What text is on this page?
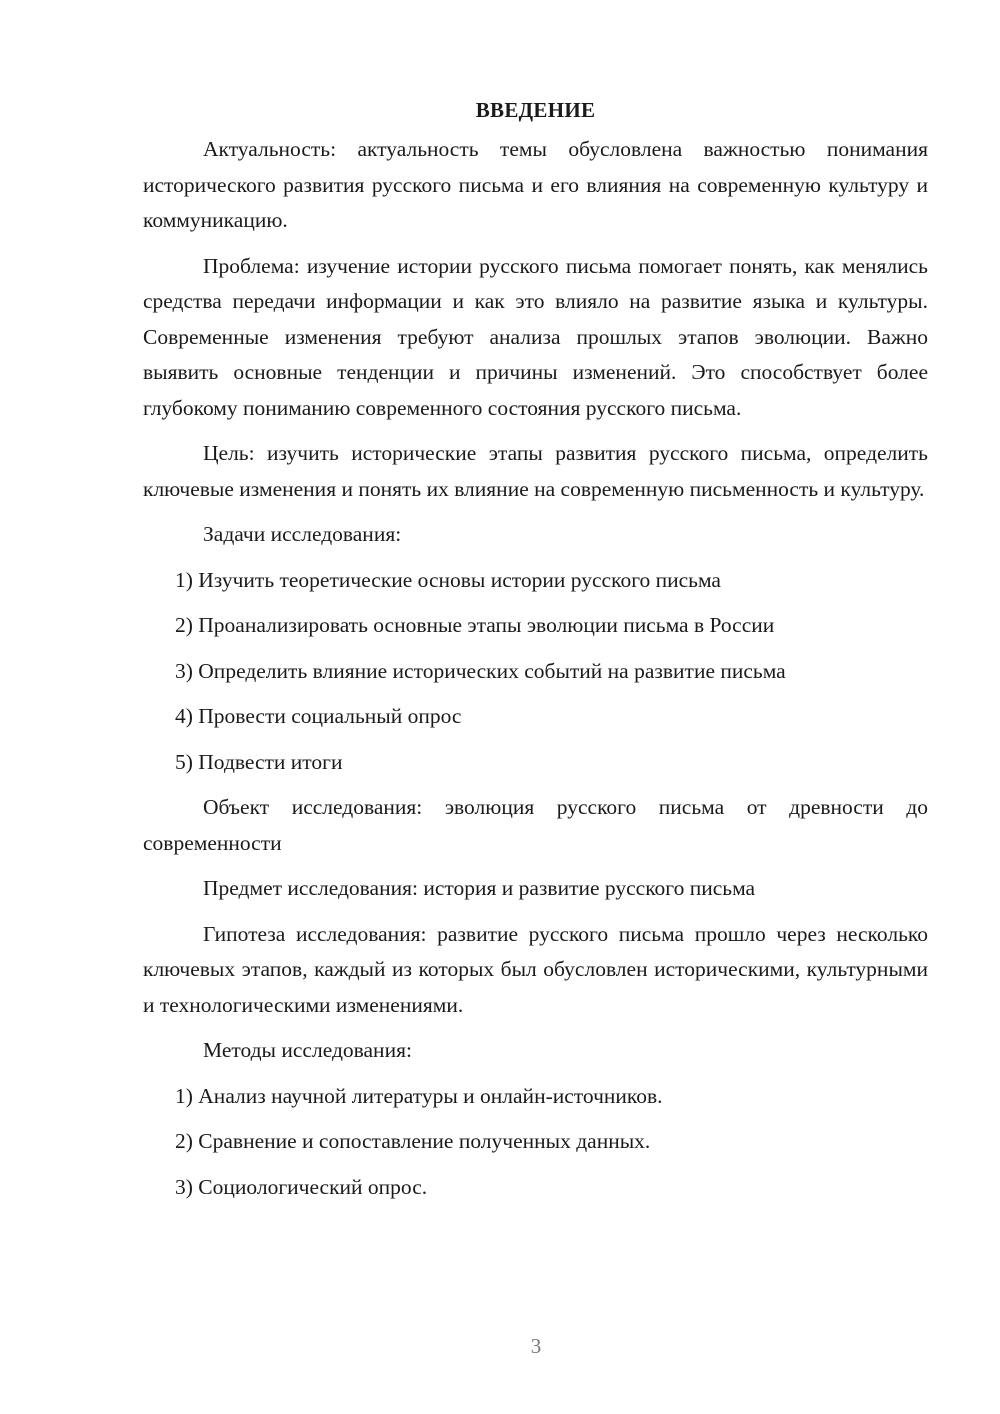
ВВЕДЕНИЕ

Актуальность: актуальность темы обусловлена важностью понимания исторического развития русского письма и его влияния на современную культуру и коммуникацию.

Проблема: изучение истории русского письма помогает понять, как менялись средства передачи информации и как это влияло на развитие языка и культуры. Современные изменения требуют анализа прошлых этапов эволюции. Важно выявить основные тенденции и причины изменений. Это способствует более глубокому пониманию современного состояния русского письма.

Цель: изучить исторические этапы развития русского письма, определить ключевые изменения и понять их влияние на современную письменность и культуру.

Задачи исследования:

1) Изучить теоретические основы истории русского письма
2) Проанализировать основные этапы эволюции письма в России
3) Определить влияние исторических событий на развитие письма
4) Провести социальный опрос
5) Подвести итоги

Объект исследования: эволюция русского письма от древности до современности

Предмет исследования: история и развитие русского письма

Гипотеза исследования: развитие русского письма прошло через несколько ключевых этапов, каждый из которых был обусловлен историческими, культурными и технологическими изменениями.

Методы исследования:

1) Анализ научной литературы и онлайн-источников.
2) Сравнение и сопоставление полученных данных.
3) Социологический опрос.
3
